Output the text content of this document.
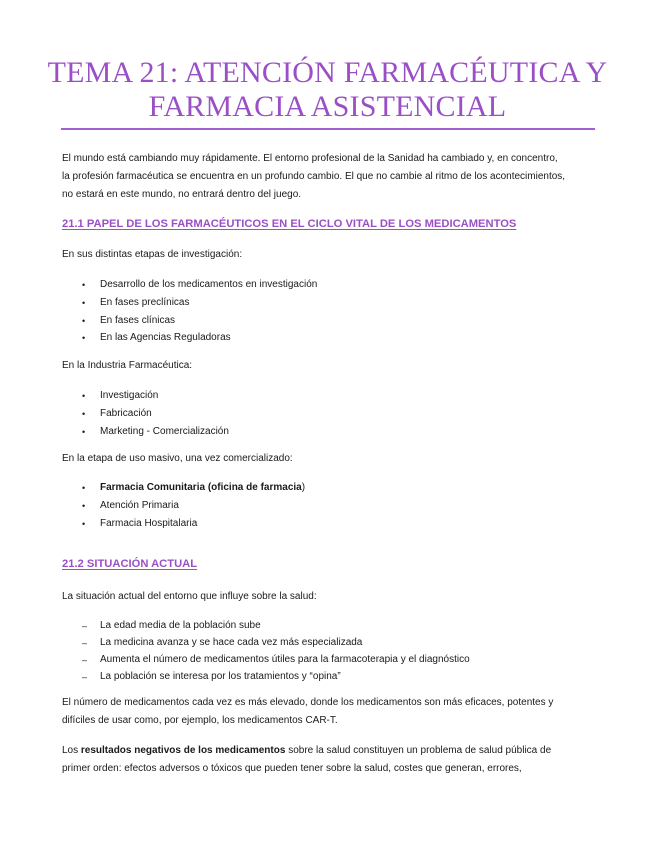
TEMA 21: ATENCIÓN FARMACÉUTICA Y
FARMACIA ASISTENCIAL

El mundo está cambiando muy rápidamente. El entorno profesional de la Sanidad ha cambiado y, en concentro,

la profesión farmacéutica se encuentra en un profundo cambio. El que no cambie al ritmo de los acontecimientos,

no estará en este mundo, no entrará dentro del juego.

21.1 PAPEL DE LOS FARMACÉUTICOS EN EL CICLO VITAL DE LOS MEDICAMENTOS

En sus distintas etapas de investigación:

•	Desarrollo de los medicamentos en investigación
•	En fases preclínicas
•	En fases clínicas
•	En las Agencias Reguladoras

En la Industria Farmacéutica:

•	Investigación
•	Fabricación
•	Marketing - Comercialización

En la etapa de uso masivo, una vez comercializado:

•	Farmacia Comunitaria (oficina de farmacia)
•	Atención Primaria
•	Farmacia Hospitalaria
21.2 SITUACIÓN ACTUAL

La situación actual del entorno que influye sobre la salud:

–	La edad media de la población sube
–	La medicina avanza y se hace cada vez más especializada
–	Aumenta el número de medicamentos útiles para la farmacoterapia y el diagnóstico
–	La población se interesa por los tratamientos y “opina”

El número de medicamentos cada vez es más elevado, donde los medicamentos son más eficaces, potentes y

difíciles de usar como, por ejemplo, los medicamentos CAR-T.

Los resultados negativos de los medicamentos sobre la salud constituyen un problema de salud pública de

primer orden: efectos adversos o tóxicos que pueden tener sobre la salud, costes que generan, errores,
